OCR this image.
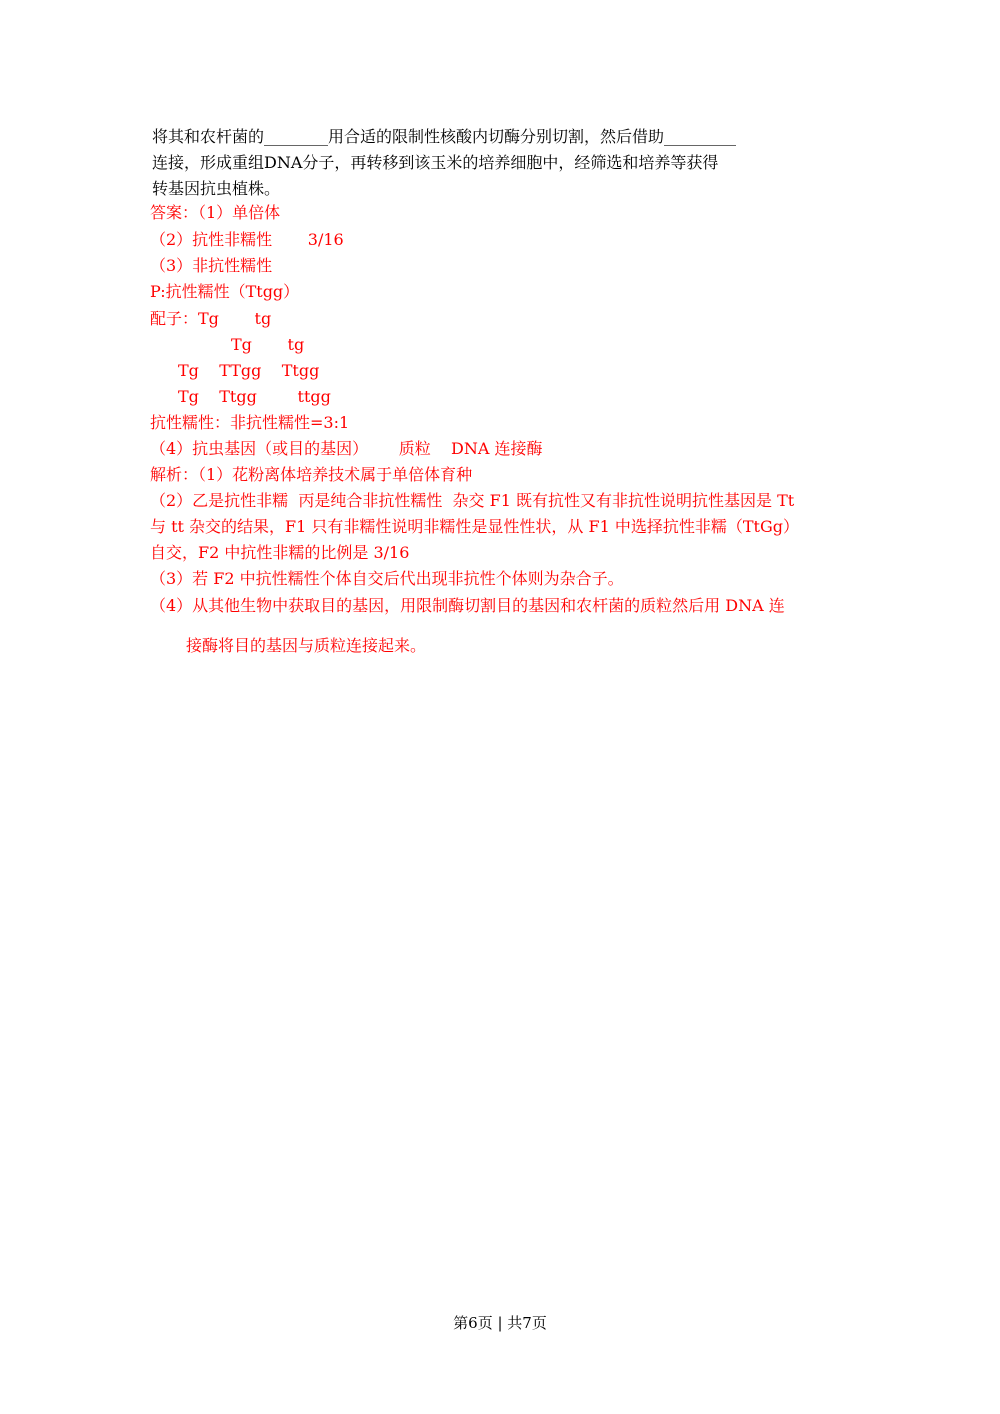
将其和农杆菌的________用合适的限制性核酸内切酶分别切割，然后借助_________
连接，形成重组DNA分子，再转移到该玉米的培养细胞中，经筛选和培养等获得
转基因抗虫植株。
答案：（1）单倍体
（2）抗性非糯性       3/16
（3）非抗性糯性
P:抗性糯性（Ttgg）
配子：Tg       tg
Tg       tg
Tg    TTgg    Ttgg
Tg    Ttgg        ttgg
抗性糯性：非抗性糯性=3:1
（4）抗虫基因（或目的基因）      质粒    DNA 连接酶
解析：（1）花粉离体培养技术属于单倍体育种
（2）乙是抗性非糯  丙是纯合非抗性糯性  杂交 F1 既有抗性又有非抗性说明抗性基因是 Tt
与 tt 杂交的结果，F1 只有非糯性说明非糯性是显性性状，从 F1 中选择抗性非糯（TtGg）
自交，F2 中抗性非糯的比例是 3/16
（3）若 F2 中抗性糯性个体自交后代出现非抗性个体则为杂合子。
（4）从其他生物中获取目的基因，用限制酶切割目的基因和农杆菌的质粒然后用 DNA 连
接酶将目的基因与质粒连接起来。
第6页 | 共7页
